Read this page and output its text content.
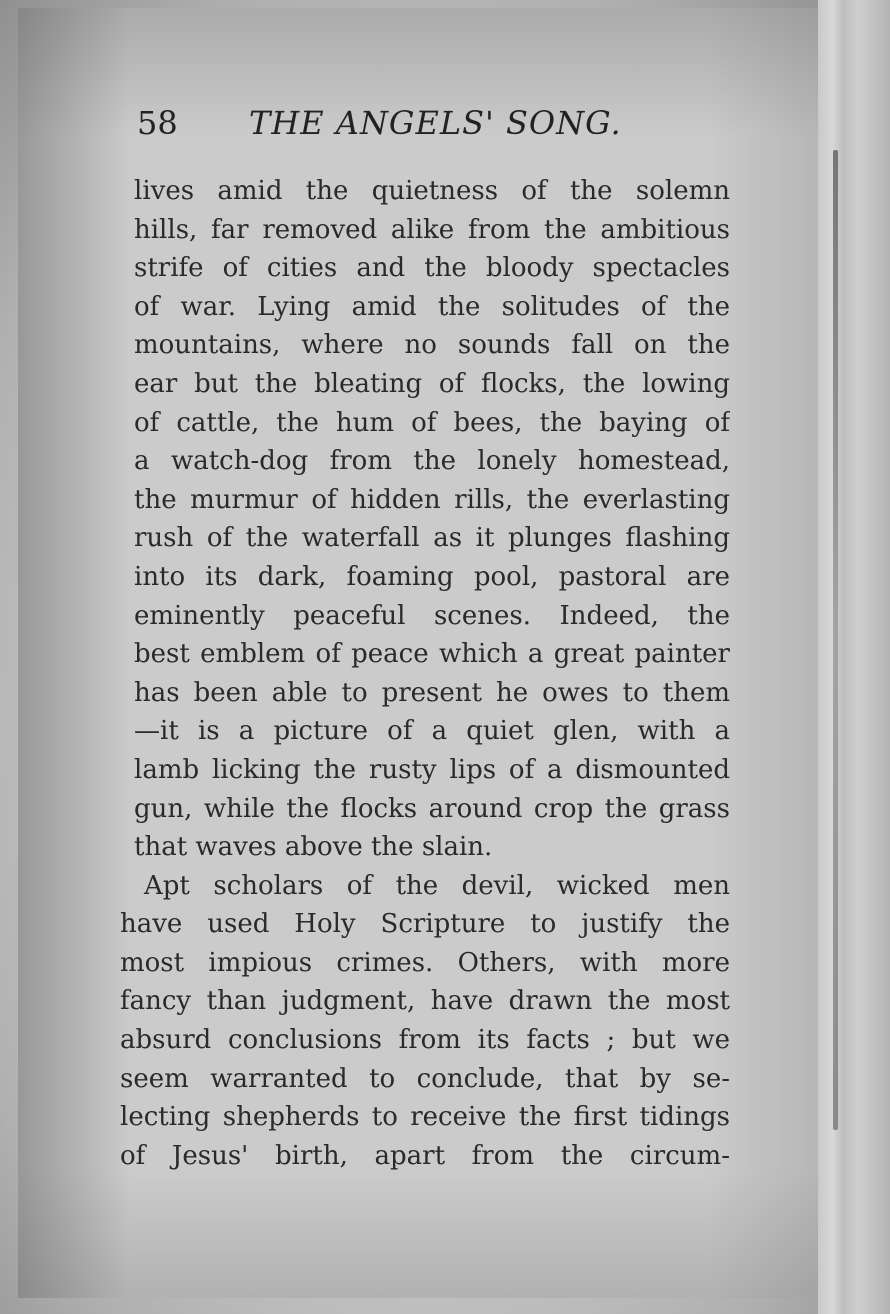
58 THE ANGELS' SONG.
lives amid the quietness of the solemn
hills, far removed alike from the ambitious
strife of cities and the bloody spectacles
of war. Lying amid the solitudes of the
mountains, where no sounds fall on the
ear but the bleating of flocks, the lowing
of cattle, the hum of bees, the baying of
a watch-dog from the lonely homestead,
the murmur of hidden rills, the everlasting
rush of the waterfall as it plunges flashing
into its dark, foaming pool, pastoral are
eminently peaceful scenes. Indeed, the
best emblem of peace which a great painter
has been able to present he owes to them
—it is a picture of a quiet glen, with a
lamb licking the rusty lips of a dismounted
gun, while the flocks around crop the grass
that waves above the slain.
Apt scholars of the devil, wicked men
have used Holy Scripture to justify the
most impious crimes. Others, with more
fancy than judgment, have drawn the most
absurd conclusions from its facts ; but we
seem warranted to conclude, that by se-
lecting shepherds to receive the first tidings
of Jesus' birth, apart from the circum-
